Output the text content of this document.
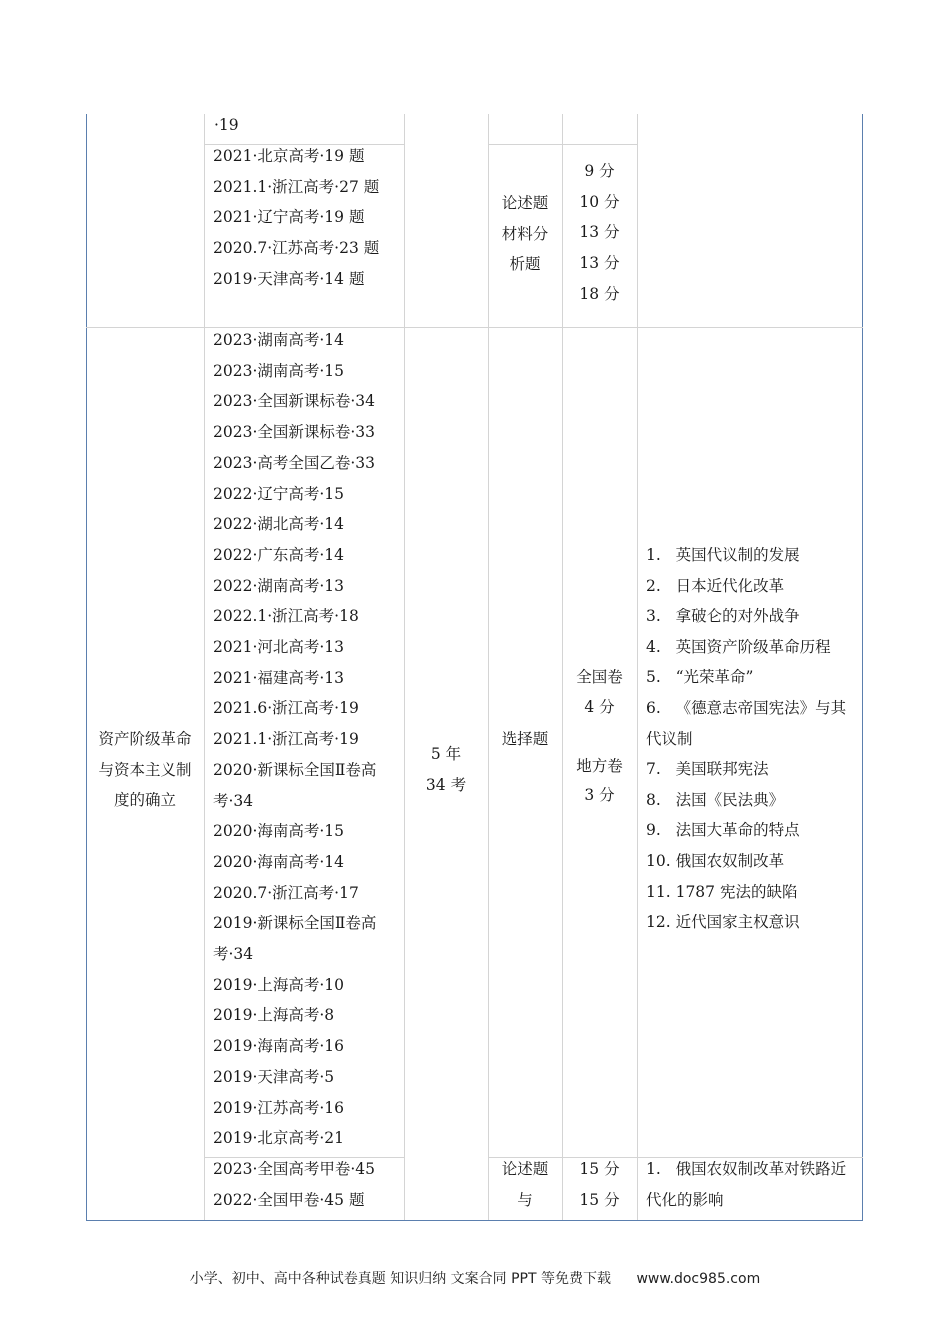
·19
2021·北京高考·19 题
2021.1·浙江高考·27 题
2021·辽宁高考·19 题
2020.7·江苏高考·23 题
2019·天津高考·14 题
论述题
材料分
析题
9 分
10 分
13 分
13 分
18 分
资产阶级革命
与资本主义制
度的确立
2023·湖南高考·14
2023·湖南高考·15
2023·全国新课标卷·34
2023·全国新课标卷·33
2023·高考全国乙卷·33
2022·辽宁高考·15
2022·湖北高考·14
2022·广东高考·14
2022·湖南高考·13
2022.1·浙江高考·18
2021·河北高考·13
2021·福建高考·13
2021.6·浙江高考·19
2021.1·浙江高考·19
2020·新课标全国Ⅱ卷高
考·34
2020·海南高考·15
2020·海南高考·14
2020.7·浙江高考·17
2019·新课标全国Ⅱ卷高
考·34
2019·上海高考·10
2019·上海高考·8
2019·海南高考·16
2019·天津高考·5
2019·江苏高考·16
2019·北京高考·21
5 年
34 考
选择题
全国卷
4 分
地方卷
3 分
1.   英国代议制的发展
2.   日本近代化改革
3.   拿破仑的对外战争
4.   英国资产阶级革命历程
5.   “光荣革命”
6.   《德意志帝国宪法》与其
代议制
7.   美国联邦宪法
8.   法国《民法典》
9.   法国大革命的特点
10. 俄国农奴制改革
11. 1787 宪法的缺陷
12. 近代国家主权意识
2023·全国高考甲卷·45
2022·全国甲卷·45 题
论述题
与
15 分
15 分
1.   俄国农奴制改革对铁路近
代化的影响
小学、初中、高中各种试卷真题 知识归纳 文案合同 PPT 等免费下载 www.doc985.com
